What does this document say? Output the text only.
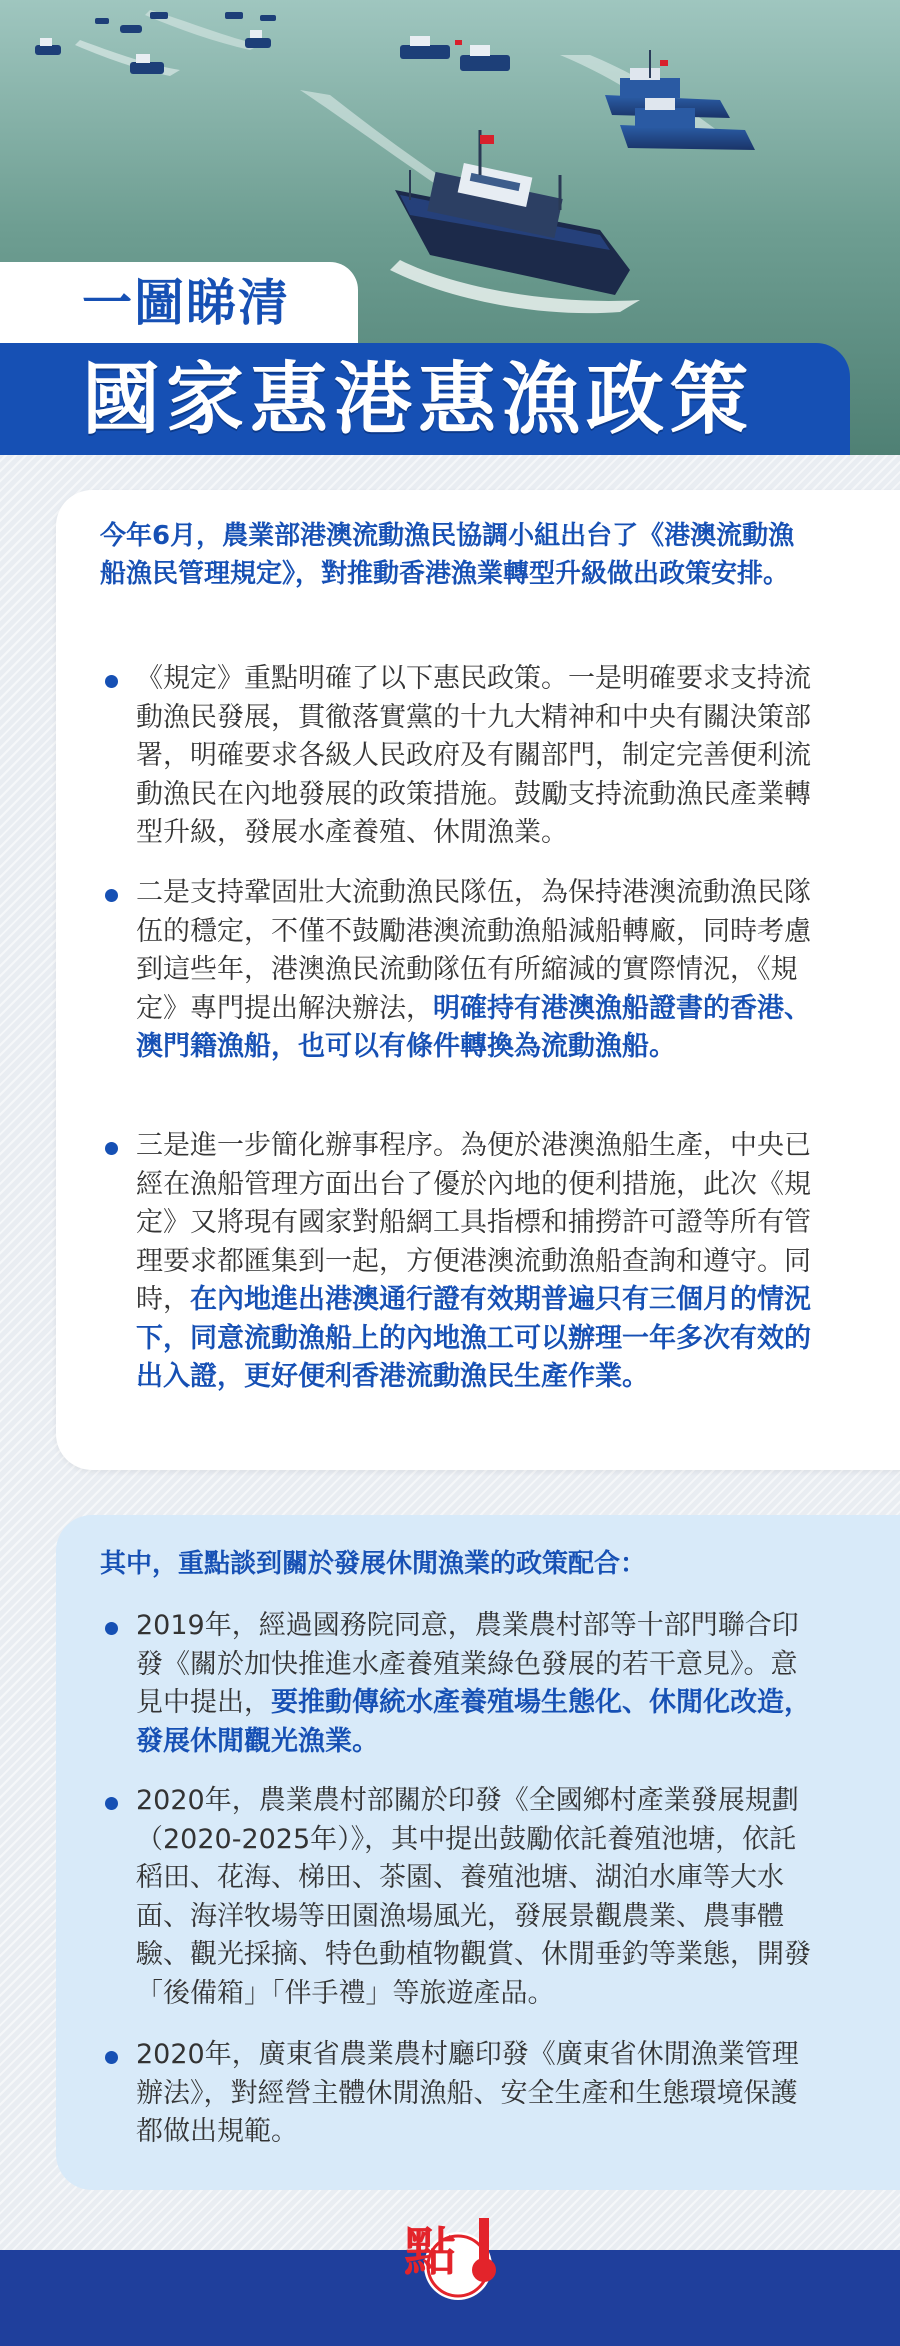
一圖睇清
國家惠港惠漁政策

今年6月，農業部港澳流動漁民協調小組出台了《港澳流動漁船漁民管理規定》，對推動香港漁業轉型升級做出政策安排。

《規定》重點明確了以下惠民政策。一是明確要求支持流動漁民發展，貫徹落實黨的十九大精神和中央有關決策部署，明確要求各級人民政府及有關部門，制定完善便利流動漁民在內地發展的政策措施。鼓勵支持流動漁民產業轉型升級，發展水產養殖、休閒漁業。

二是支持鞏固壯大流動漁民隊伍，為保持港澳流動漁民隊伍的穩定，不僅不鼓勵港澳流動漁船減船轉廠，同時考慮到這些年，港澳漁民流動隊伍有所縮減的實際情況，《規定》專門提出解決辦法，明確持有港澳漁船證書的香港、澳門籍漁船，也可以有條件轉換為流動漁船。

三是進一步簡化辦事程序。為便於港澳漁船生產，中央已經在漁船管理方面出台了優於內地的便利措施，此次《規定》又將現有國家對船網工具指標和捕撈許可證等所有管理要求都匯集到一起，方便港澳流動漁船查詢和遵守。同時，在內地進出港澳通行證有效期普遍只有三個月的情況下，同意流動漁船上的內地漁工可以辦理一年多次有效的出入證，更好便利香港流動漁民生產作業。

其中，重點談到關於發展休閒漁業的政策配合：

2019年，經過國務院同意，農業農村部等十部門聯合印發《關於加快推進水產養殖業綠色發展的若干意見》。意見中提出，要推動傳統水產養殖場生態化、休閒化改造，發展休閒觀光漁業。

2020年，農業農村部關於印發《全國鄉村產業發展規劃（2020-2025年）》，其中提出鼓勵依託養殖池塘，依託稻田、花海、梯田、茶園、養殖池塘、湖泊水庫等大水面、海洋牧場等田園漁場風光，發展景觀農業、農事體驗、觀光採摘、特色動植物觀賞、休閒垂釣等業態，開發「後備箱」「伴手禮」等旅遊產品。

2020年，廣東省農業農村廳印發《廣東省休閒漁業管理辦法》，對經營主體休閒漁船、安全生產和生態環境保護都做出規範。

點
